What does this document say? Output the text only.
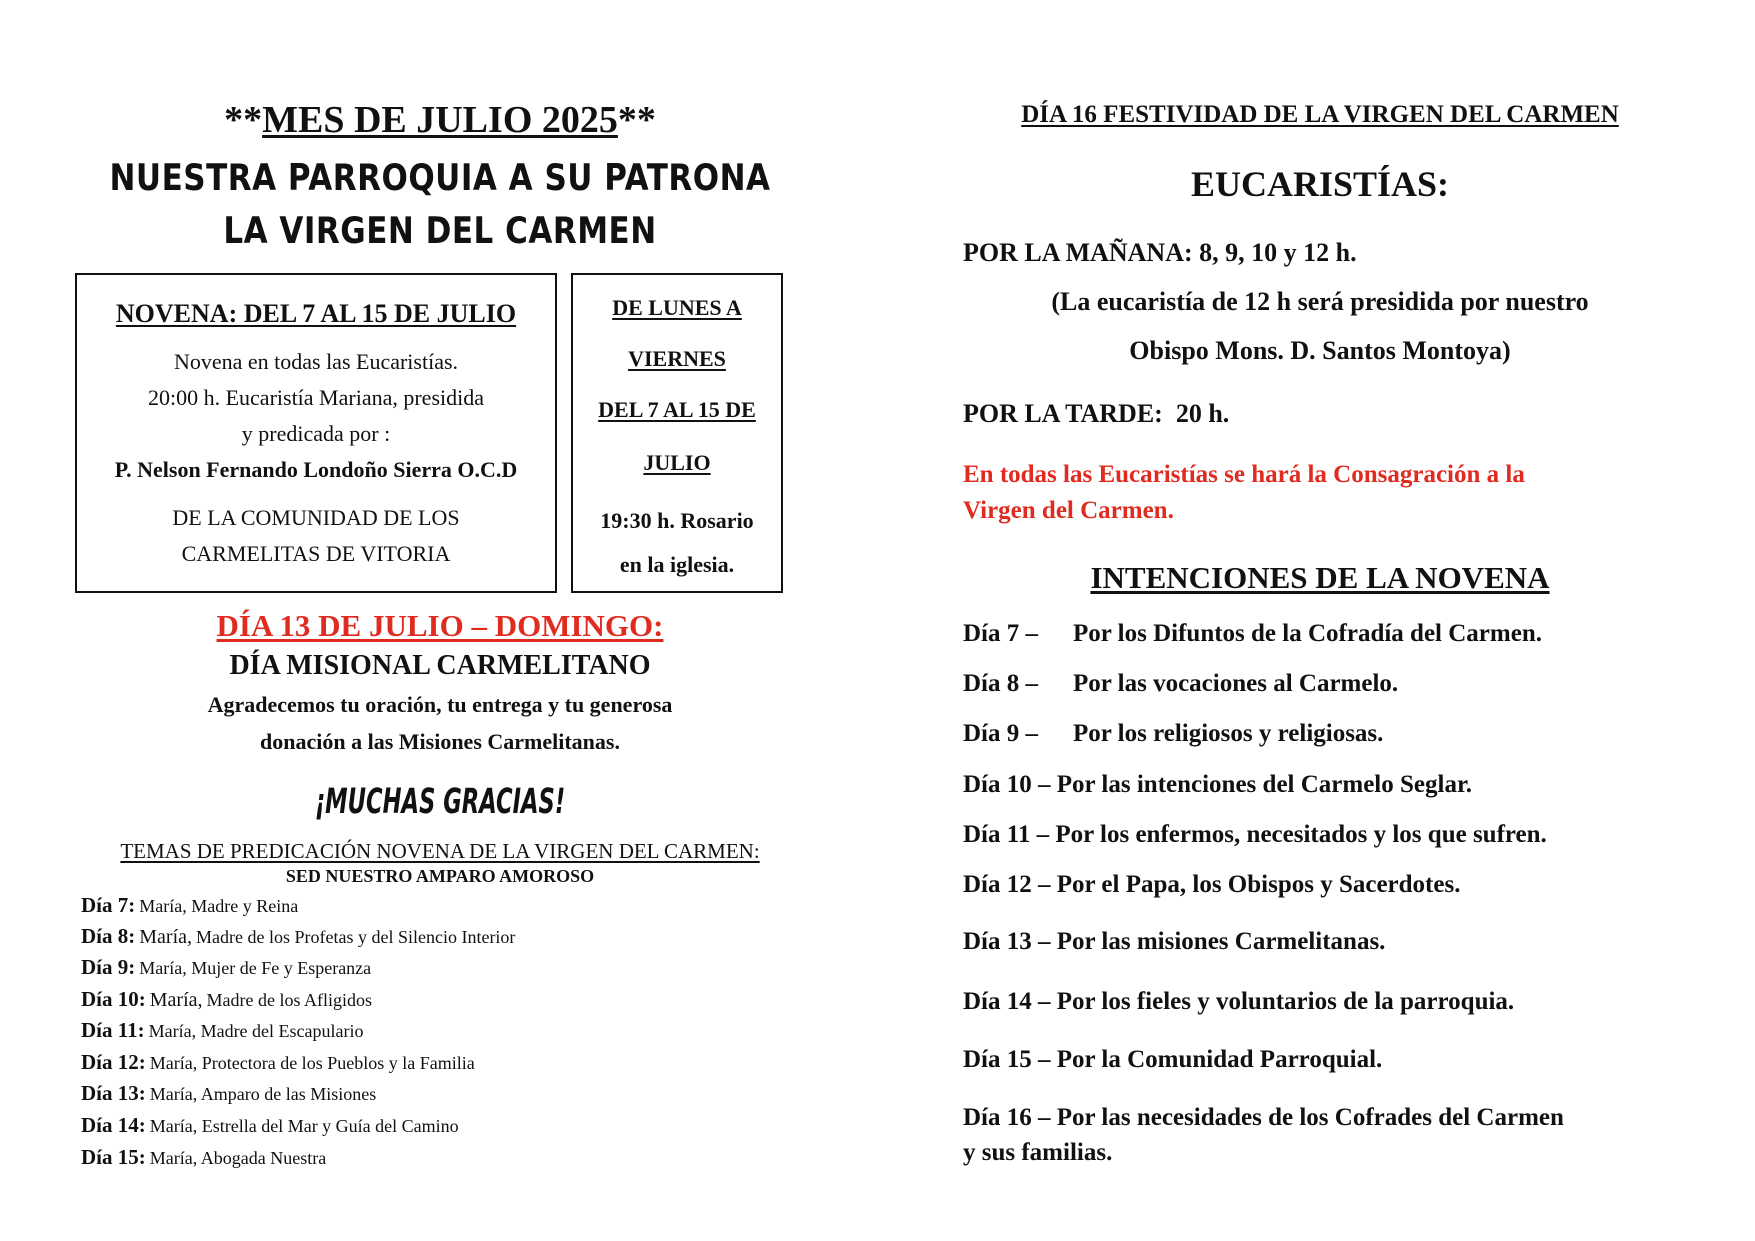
**MES DE JULIO 2025**
NUESTRA PARROQUIA A SU PATRONA
LA VIRGEN DEL CARMEN
NOVENA: DEL 7 AL 15 DE JULIO
Novena en todas las Eucaristías.
20:00 h. Eucaristía Mariana, presidida
y predicada por :
P. Nelson Fernando Londoño Sierra O.C.D
DE LA COMUNIDAD DE LOS
CARMELITAS DE VITORIA
DE LUNES A
VIERNES
DEL 7 AL 15 DE
JULIO
19:30 h. Rosario
en la iglesia.
DÍA 13 DE JULIO – DOMINGO:
DÍA MISIONAL CARMELITANO
Agradecemos tu oración, tu entrega y tu generosa
donación a las Misiones Carmelitanas.
¡MUCHAS GRACIAS!
TEMAS DE PREDICACIÓN NOVENA DE LA VIRGEN DEL CARMEN:
SED NUESTRO AMPARO AMOROSO
Día 7: María, Madre y Reina
Día 8: María, Madre de los Profetas y del Silencio Interior
Día 9: María, Mujer de Fe y Esperanza
Día 10: María, Madre de los Afligidos
Día 11: María, Madre del Escapulario
Día 12: María, Protectora de los Pueblos y la Familia
Día 13: María, Amparo de las Misiones
Día 14: María, Estrella del Mar y Guía del Camino
Día 15: María, Abogada Nuestra
DÍA 16 FESTIVIDAD DE LA VIRGEN DEL CARMEN
EUCARISTÍAS:
POR LA MAÑANA: 8, 9, 10 y 12 h.
(La eucaristía de 12 h será presidida por nuestro
Obispo Mons. D. Santos Montoya)
POR LA TARDE:  20 h.
En todas las Eucaristías se hará la Consagración a la
Virgen del Carmen.
INTENCIONES DE LA NOVENA
Día 7 – Por los Difuntos de la Cofradía del Carmen.
Día 8 – Por las vocaciones al Carmelo.
Día 9 – Por los religiosos y religiosas.
Día 10 – Por las intenciones del Carmelo Seglar.
Día 11 – Por los enfermos, necesitados y los que sufren.
Día 12 – Por el Papa, los Obispos y Sacerdotes.
Día 13 – Por las misiones Carmelitanas.
Día 14 – Por los fieles y voluntarios de la parroquia.
Día 15 – Por la Comunidad Parroquial.
Día 16 – Por las necesidades de los Cofrades del Carmen
y sus familias.
